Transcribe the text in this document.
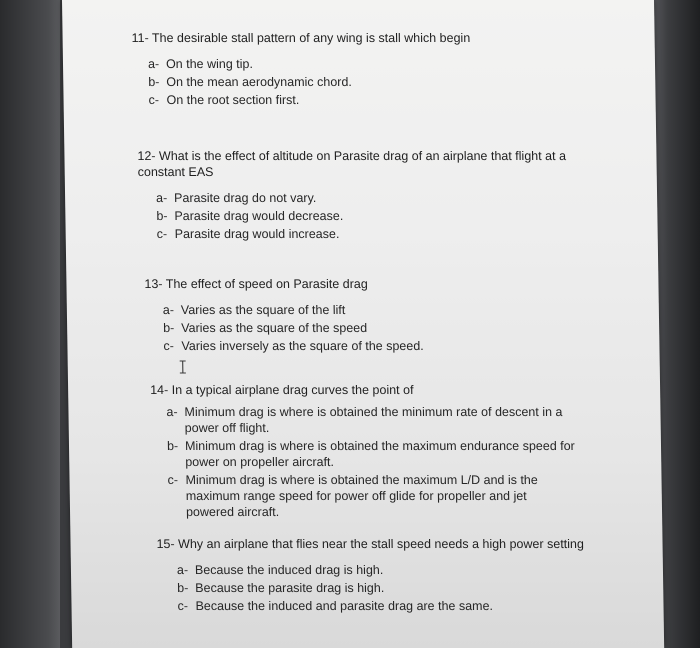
11- The desirable stall pattern of any wing is stall which begin
a- On the wing tip.
b- On the mean aerodynamic chord.
c- On the root section first.
12- What is the effect of altitude on Parasite drag of an airplane that flight at a constant EAS
a- Parasite drag do not vary.
b- Parasite drag would decrease.
c- Parasite drag would increase.
13- The effect of speed on Parasite drag
a- Varies as the square of the lift
b- Varies as the square of the speed
c- Varies inversely as the square of the speed.
14- In a typical airplane drag curves the point of
a- Minimum drag is where is obtained the minimum rate of descent in a power off flight.
b- Minimum drag is where is obtained the maximum endurance speed for power on propeller aircraft.
c- Minimum drag is where is obtained the maximum L/D and is the maximum range speed for power off glide for propeller and jet powered aircraft.
15- Why an airplane that flies near the stall speed needs a high power setting
a- Because the induced drag is high.
b- Because the parasite drag is high.
c- Because the induced and parasite drag are the same.
